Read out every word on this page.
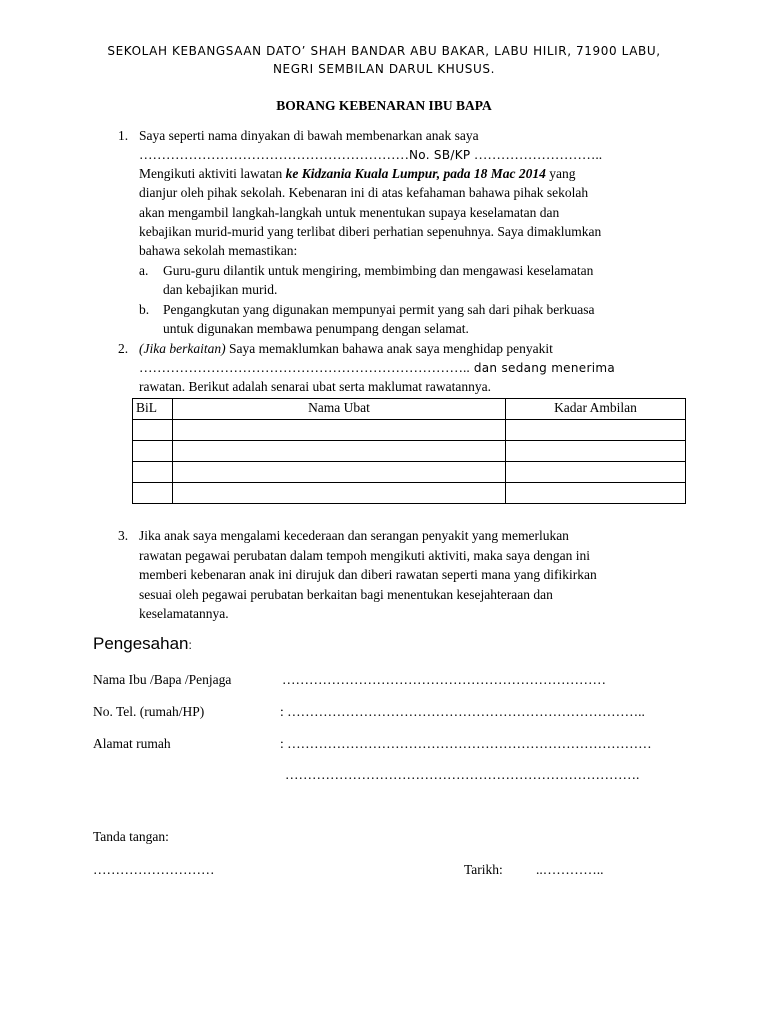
SEKOLAH KEBANGSAAN DATO’ SHAH BANDAR ABU BAKAR, LABU HILIR, 71900 LABU,
NEGRI SEMBILAN DARUL KHUSUS.
BORANG KEBENARAN IBU BAPA
1. Saya seperti nama dinyakan di bawah membenarkan anak saya
……………………………………………………No. SB/KP ………………………..
Mengikuti aktiviti lawatan ke Kidzania Kuala Lumpur, pada 18 Mac 2014 yang
dianjur oleh pihak sekolah. Kebenaran ini di atas kefahaman bahawa pihak sekolah
akan mengambil langkah-langkah untuk menentukan supaya keselamatan dan
kebajikan murid-murid yang terlibat diberi perhatian sepenuhnya. Saya dimaklumkan
bahawa sekolah memastikan:
a. Guru-guru dilantik untuk mengiring, membimbing dan mengawasi keselamatan
dan kebajikan murid.
b. Pengangkutan yang digunakan mempunyai permit yang sah dari pihak berkuasa
untuk digunakan membawa penumpang dengan selamat.
2. (Jika berkaitan) Saya memaklumkan bahawa anak saya menghidap penyakit
……………………………………………………………….. dan sedang menerima
rawatan. Berikut adalah senarai ubat serta maklumat rawatannya.
BiL	Nama Ubat	Kadar Ambilan

3. Jika anak saya mengalami kecederaan dan serangan penyakit yang memerlukan
rawatan pegawai perubatan dalam tempoh mengikuti aktiviti, maka saya dengan ini
memberi kebenaran anak ini dirujuk dan diberi rawatan seperti mana yang difikirkan
sesuai oleh pegawai perubatan berkaitan bagi menentukan kesejahteraan dan
keselamatannya.
Pengesahan:
Nama Ibu /Bapa /Penjaga	………………………………………………………………
No. Tel. (rumah/HP)	: ……………………………………………………………………..
Alamat rumah	: ………………………………………………………………………
…………………………………………………………………….
Tanda tangan:
………………………	Tarikh: ..…………..
